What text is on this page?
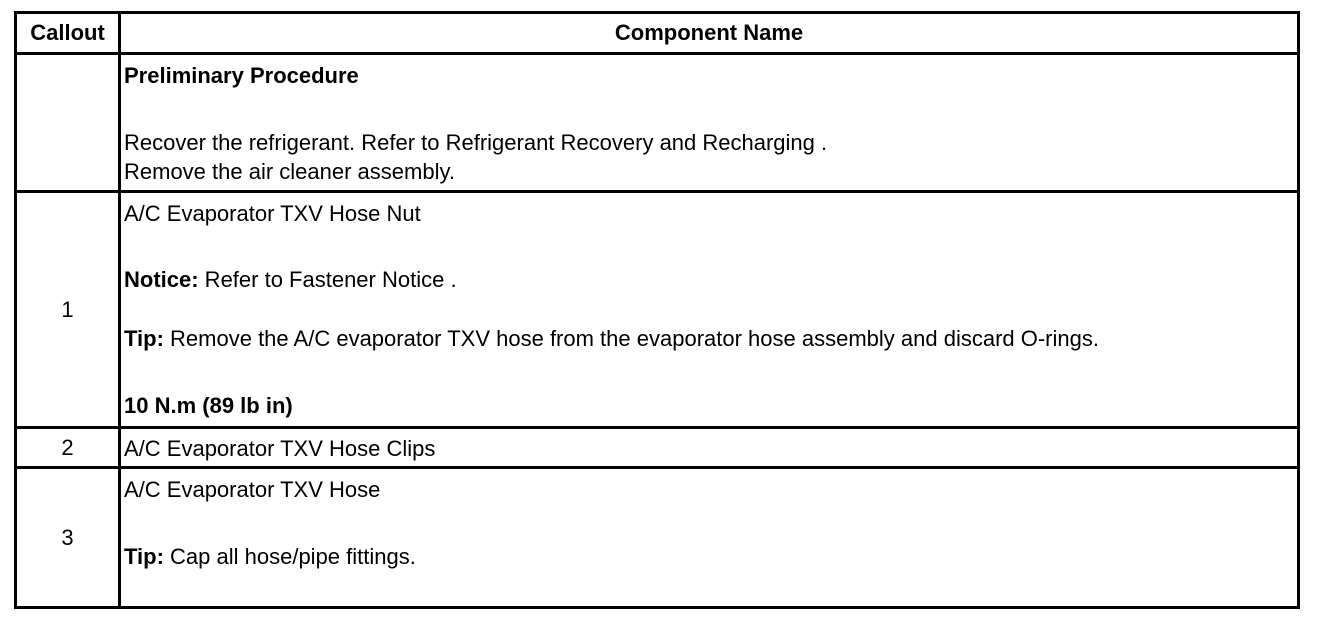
Callout	Component Name
Preliminary Procedure
Recover the refrigerant. Refer to Refrigerant Recovery and Recharging .
Remove the air cleaner assembly.
1
A/C Evaporator TXV Hose Nut
Notice: Refer to Fastener Notice .
Tip: Remove the A/C evaporator TXV hose from the evaporator hose assembly and discard O-rings.
10 N.m (89 lb in)
2	A/C Evaporator TXV Hose Clips
3
A/C Evaporator TXV Hose
Tip: Cap all hose/pipe fittings.
